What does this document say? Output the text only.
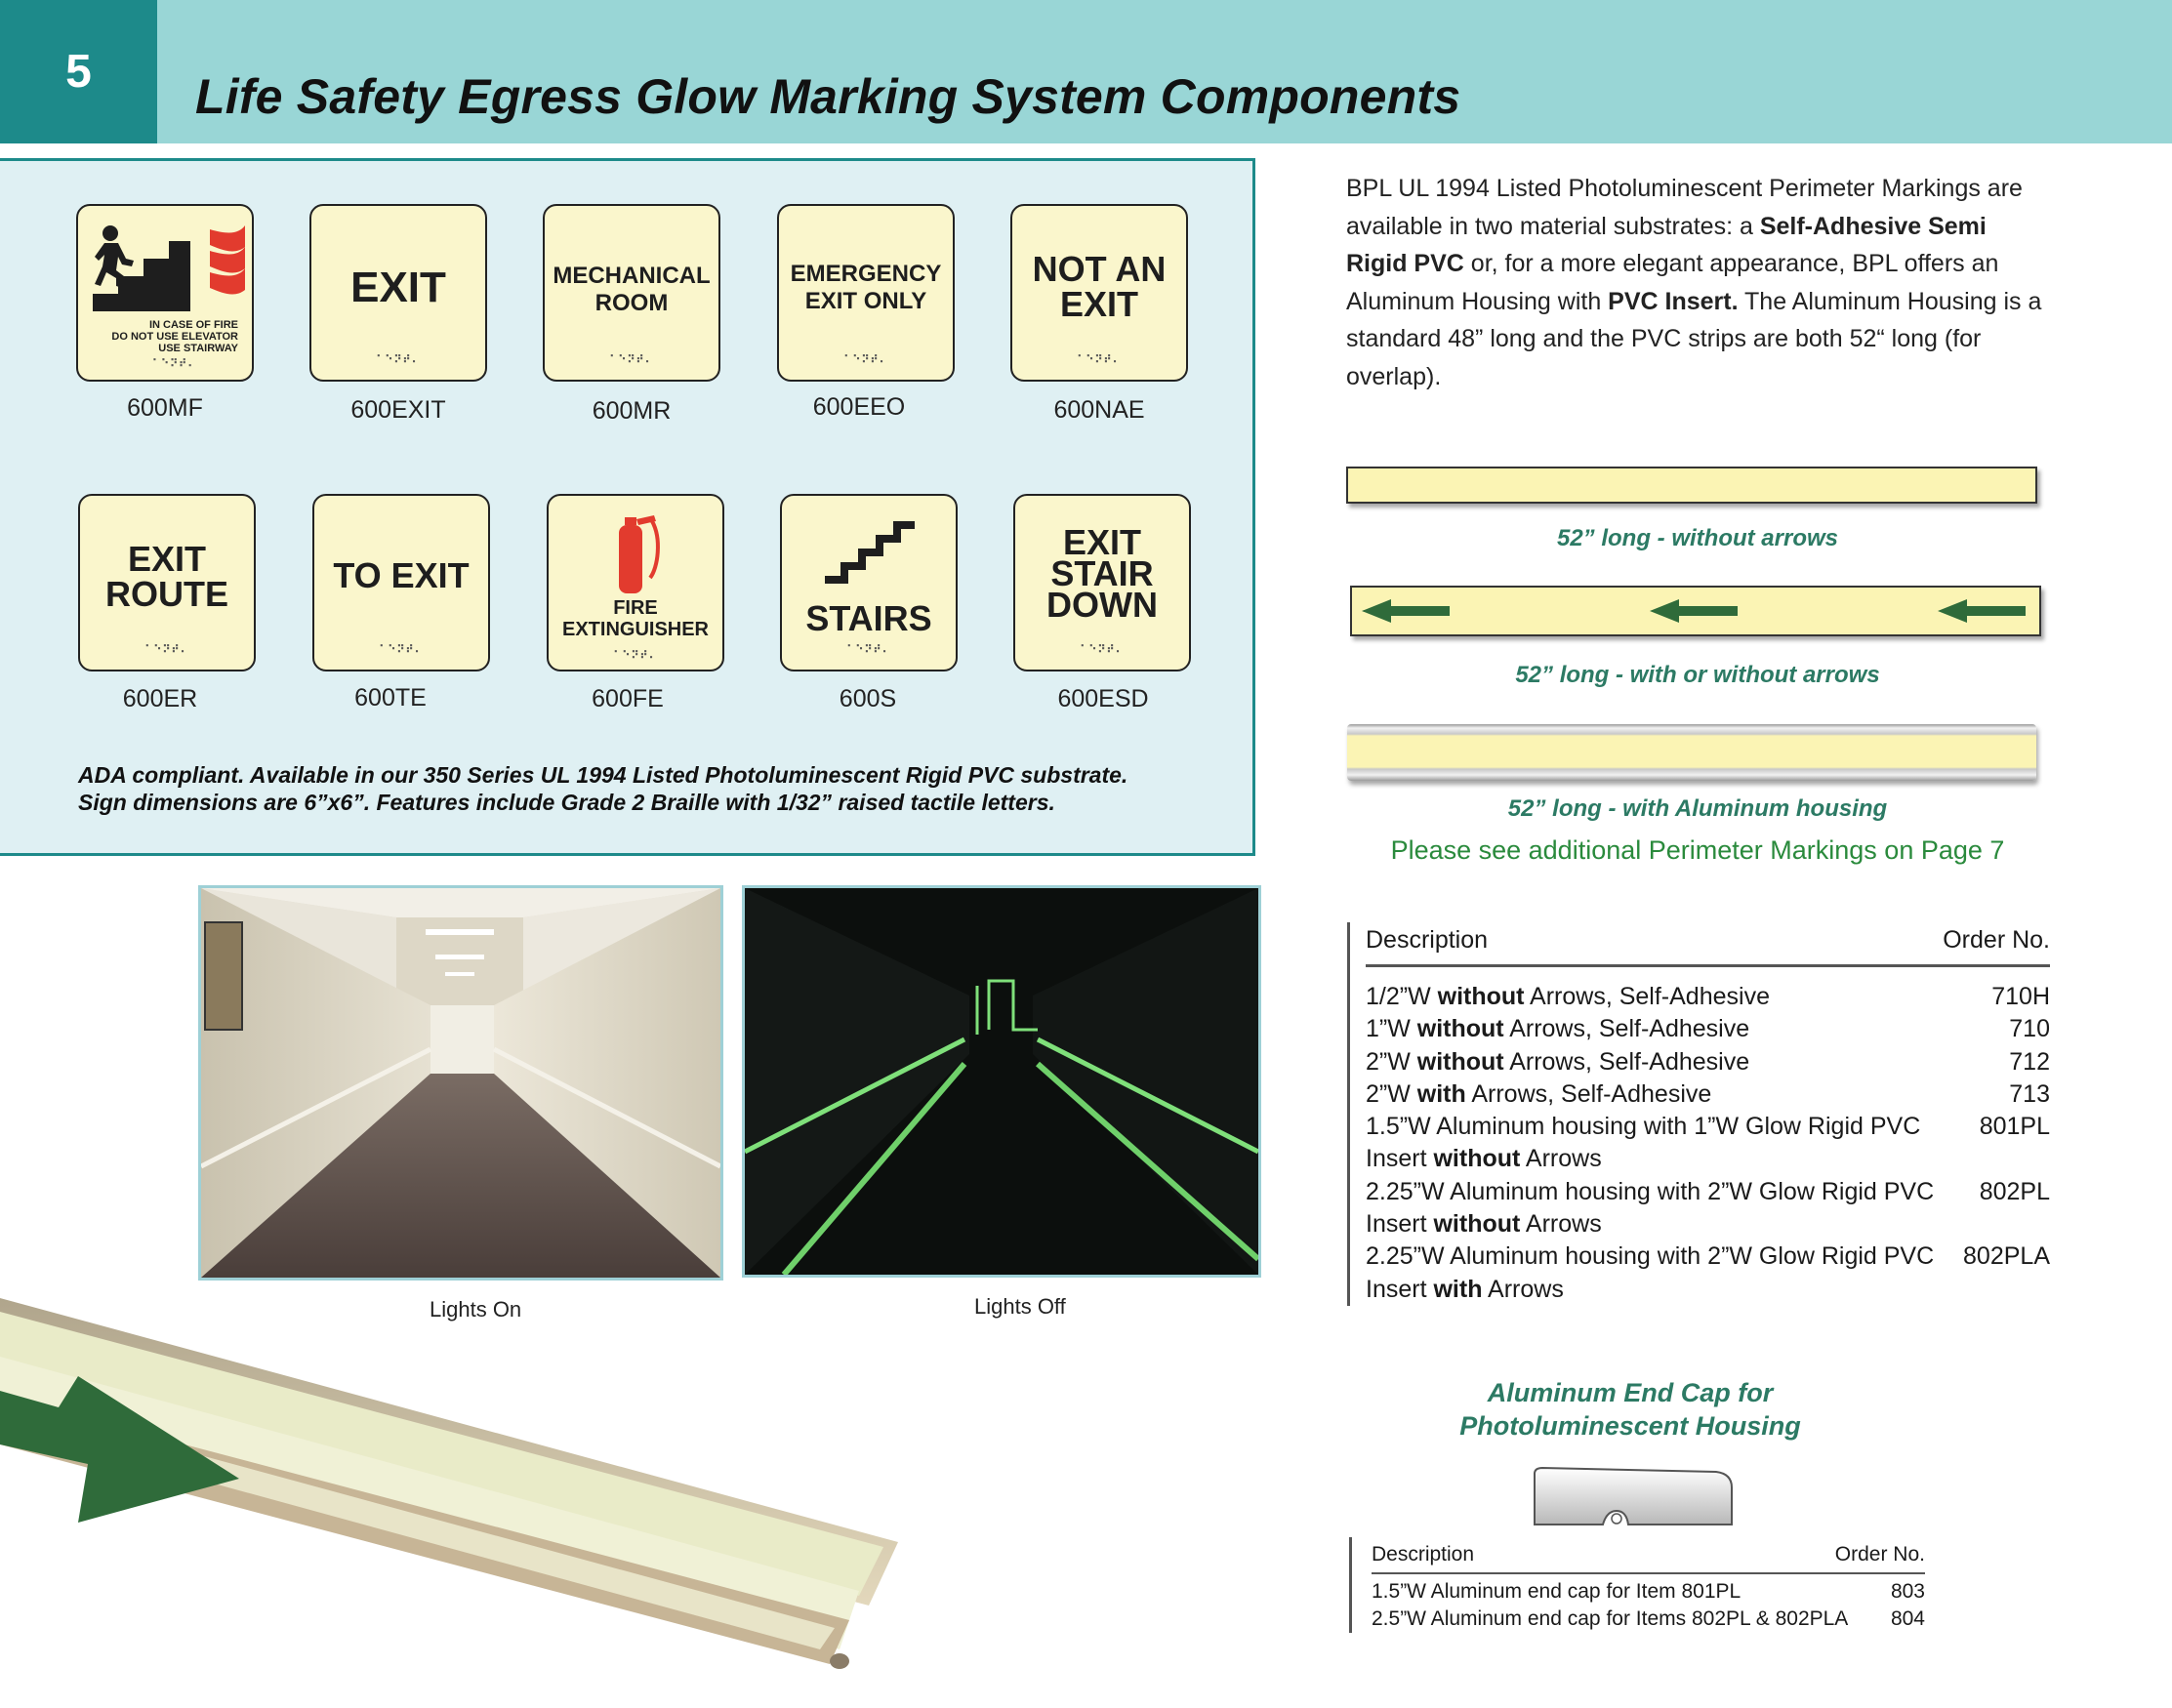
5	Life Safety Egress Glow Marking System Components
IN CASE OF FIRE
DO NOT USE ELEVATOR
USE STAIRWAY
⠁⠑⠝⠞⠄
600MF
EXIT
⠁⠑⠝⠞⠄
600EXIT
MECHANICAL
ROOM
⠁⠑⠝⠞⠄
600MR
EMERGENCY
EXIT ONLY
⠁⠑⠝⠞⠄
600EEO
NOT AN
EXIT
⠁⠑⠝⠞⠄
600NAE
EXIT
ROUTE
⠁⠑⠝⠞⠄
600ER
TO EXIT
⠁⠑⠝⠞⠄
600TE
FIRE
EXTINGUISHER
⠁⠑⠝⠞⠄
600FE
STAIRS
⠁⠑⠝⠞⠄
600S
EXIT
STAIR
DOWN
⠁⠑⠝⠞⠄
600ESD
ADA compliant. Available in our 350 Series UL 1994 Listed Photoluminescent Rigid PVC substrate.
Sign dimensions are 6”x6”. Features include Grade 2 Braille with 1/32” raised tactile letters.
BPL UL 1994 Listed Photoluminescent Perimeter Markings are available in two material substrates: a Self-Adhesive Semi Rigid PVC or, for a more elegant appearance, BPL offers an Aluminum Housing with PVC Insert. The Aluminum Housing is a standard 48” long and the PVC strips are both 52“ long (for overlap).
52” long - without arrows
52” long - with or without arrows
52” long - with Aluminum housing
Please see additional Perimeter Markings on Page 7
Description	Order No.
1/2”W without Arrows, Self-Adhesive	710H
1”W without Arrows, Self-Adhesive	710
2”W without Arrows, Self-Adhesive	712
2”W with Arrows, Self-Adhesive	713
1.5”W Aluminum housing with 1”W Glow Rigid PVC	801PL
Insert without Arrows
2.25”W Aluminum housing with 2”W Glow Rigid PVC	802PL
Insert without Arrows
2.25”W Aluminum housing with 2”W Glow Rigid PVC	802PLA
Insert with Arrows
Lights On	Lights Off
Aluminum End Cap for
Photoluminescent Housing
Description	Order No.
1.5”W Aluminum end cap for Item 801PL	803
2.5”W Aluminum end cap for Items 802PL & 802PLA 804
